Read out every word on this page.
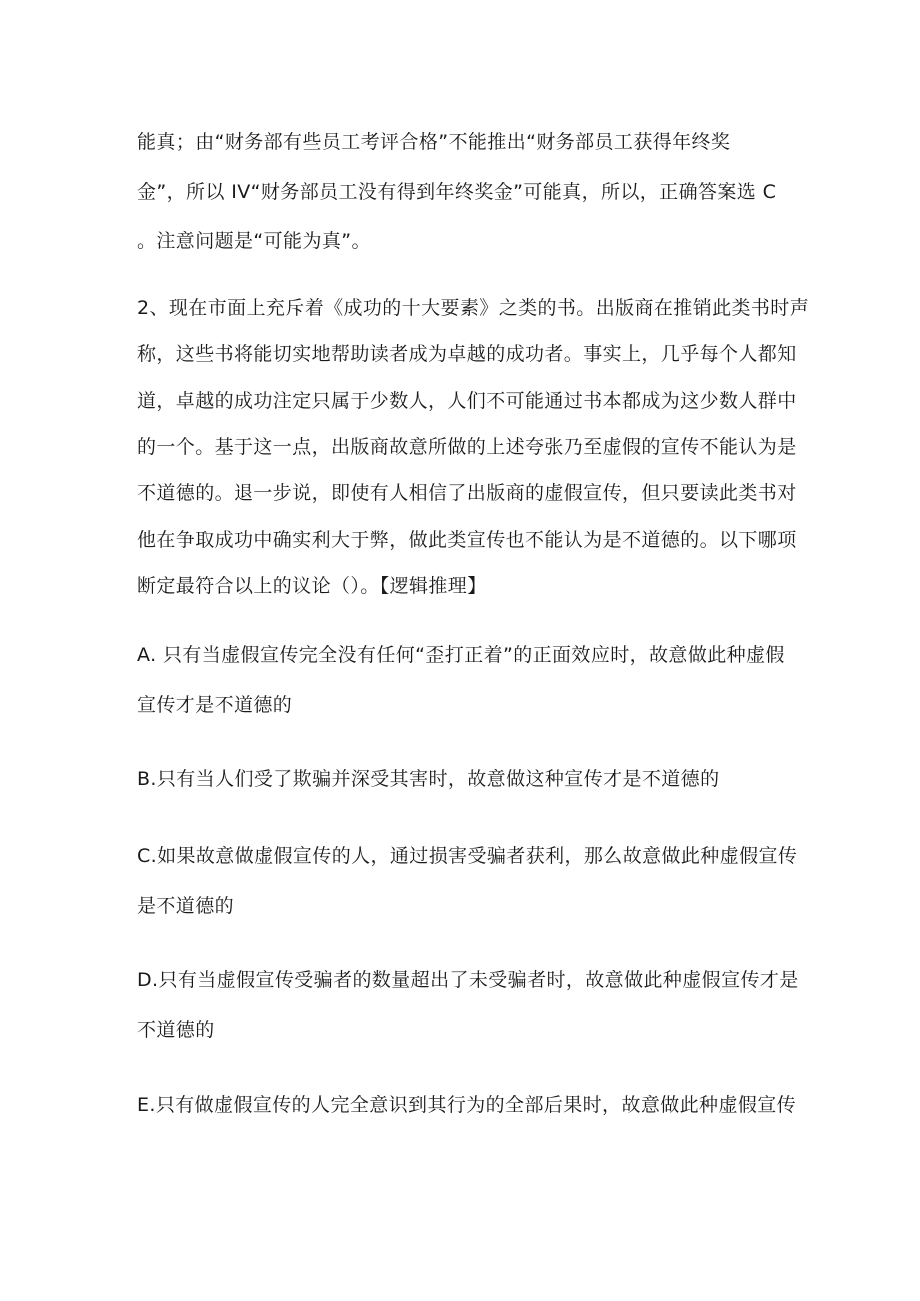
能真；由“财务部有些员工考评合格”不能推出“财务部员工获得年终奖
金”，所以 IV“财务部员工没有得到年终奖金”可能真，所以，正确答案选 C
。注意问题是“可能为真”。
2、现在市面上充斥着《成功的十大要素》之类的书。出版商在推销此类书时声
称，这些书将能切实地帮助读者成为卓越的成功者。事实上，几乎每个人都知
道，卓越的成功注定只属于少数人，人们不可能通过书本都成为这少数人群中
的一个。基于这一点，出版商故意所做的上述夸张乃至虚假的宣传不能认为是
不道德的。退一步说，即使有人相信了出版商的虚假宣传，但只要读此类书对
他在争取成功中确实利大于弊，做此类宣传也不能认为是不道德的。以下哪项
断定最符合以上的议论（）。【逻辑推理】
A. 只有当虚假宣传完全没有任何“歪打正着”的正面效应时，故意做此种虚假
宣传才是不道德的
B.只有当人们受了欺骗并深受其害时，故意做这种宣传才是不道德的
C.如果故意做虚假宣传的人，通过损害受骗者获利，那么故意做此种虚假宣传
是不道德的
D.只有当虚假宣传受骗者的数量超出了未受骗者时，故意做此种虚假宣传才是
不道德的
E.只有做虚假宣传的人完全意识到其行为的全部后果时，故意做此种虚假宣传
